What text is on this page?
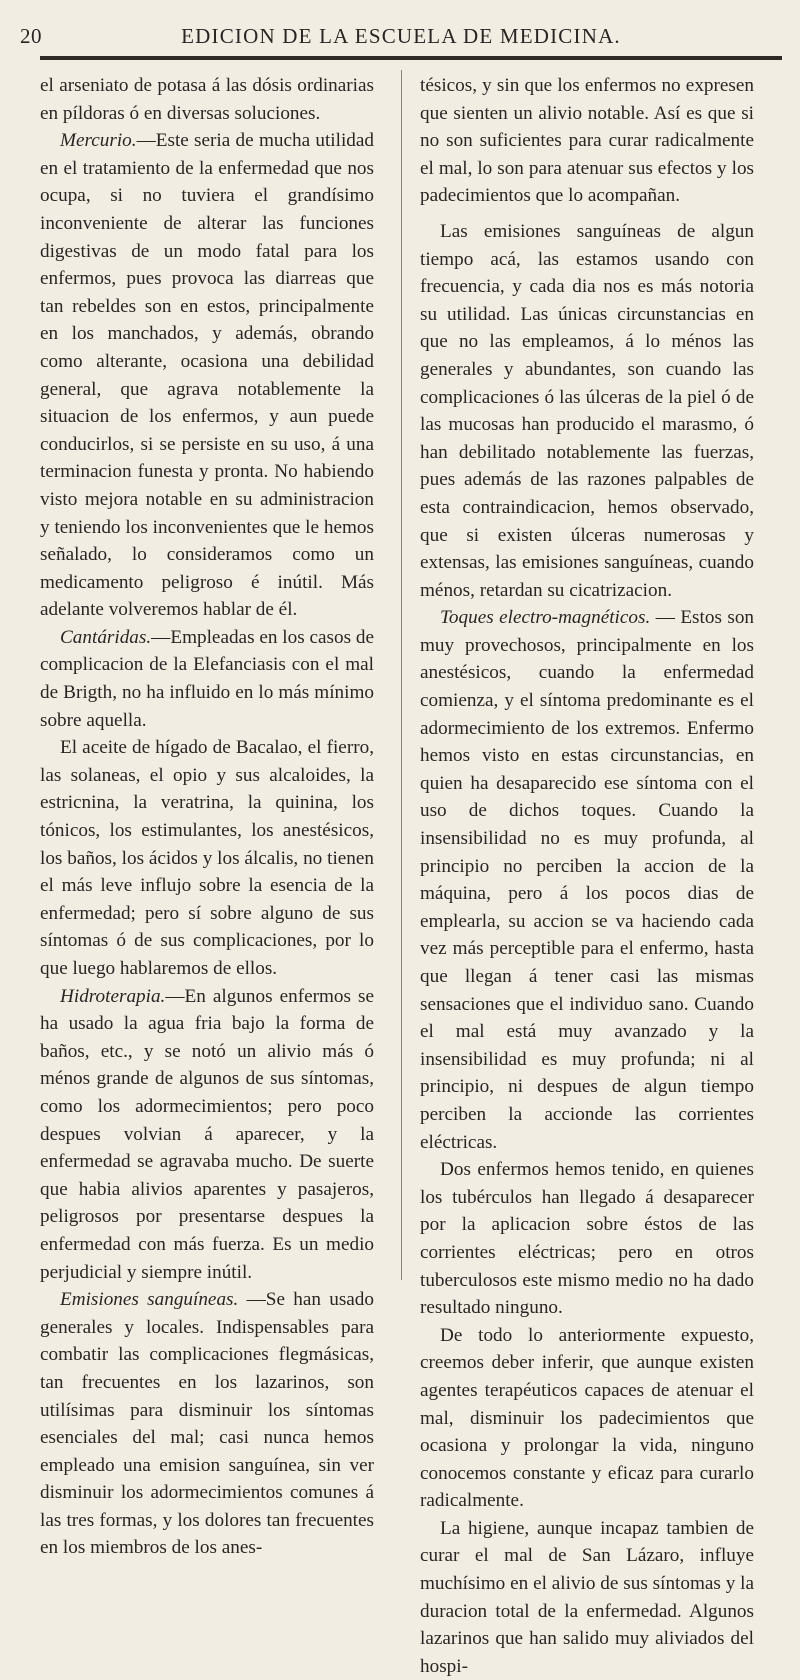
20	EDICION DE LA ESCUELA DE MEDICINA.

el arseniato de potasa á las dósis ordinarias en píldoras ó en diversas soluciones.

Mercurio.—Este seria de mucha utilidad en el tratamiento de la enfermedad que nos ocupa, si no tuviera el grandísimo inconveniente de alterar las funciones digestivas de un modo fatal para los enfermos, pues provoca las diarreas que tan rebeldes son en estos, principalmente en los manchados, y además, obrando como alterante, ocasiona una debilidad general, que agrava notablemente la situacion de los enfermos, y aun puede conducirlos, si se persiste en su uso, á una terminacion funesta y pronta. No habiendo visto mejora notable en su administracion y teniendo los inconvenientes que le hemos señalado, lo consideramos como un medicamento peligroso é inútil. Más adelante volveremos hablar de él.

Cantáridas.—Empleadas en los casos de complicacion de la Elefanciasis con el mal de Brigth, no ha influido en lo más mínimo sobre aquella.

El aceite de hígado de Bacalao, el fierro, las solaneas, el opio y sus alcaloides, la estricnina, la veratrina, la quinina, los tónicos, los estimulantes, los anestésicos, los baños, los ácidos y los álcalis, no tienen el más leve influjo sobre la esencia de la enfermedad; pero sí sobre alguno de sus síntomas ó de sus complicaciones, por lo que luego hablaremos de ellos.

Hidroterapia.—En algunos enfermos se ha usado la agua fria bajo la forma de baños, etc., y se notó un alivio más ó ménos grande de algunos de sus síntomas, como los adormecimientos; pero poco despues volvian á aparecer, y la enfermedad se agravaba mucho. De suerte que habia alivios aparentes y pasajeros, peligrosos por presentarse despues la enfermedad con más fuerza. Es un medio perjudicial y siempre inútil.

Emisiones sanguíneas. —Se han usado generales y locales. Indispensables para combatir las complicaciones flegmásicas, tan frecuentes en los lazarinos, son utilísimas para disminuir los síntomas esenciales del mal; casi nunca hemos empleado una emision sanguínea, sin ver disminuir los adormecimientos comunes á las tres formas, y los dolores tan frecuentes en los miembros de los anes-

tésicos, y sin que los enfermos no expresen que sienten un alivio notable. Así es que si no son suficientes para curar radicalmente el mal, lo son para atenuar sus efectos y los padecimientos que lo acompañan.

Las emisiones sanguíneas de algun tiempo acá, las estamos usando con frecuencia, y cada dia nos es más notoria su utilidad. Las únicas circunstancias en que no las empleamos, á lo ménos las generales y abundantes, son cuando las complicaciones ó las úlceras de la piel ó de las mucosas han producido el marasmo, ó han debilitado notablemente las fuerzas, pues además de las razones palpables de esta contraindicacion, hemos observado, que si existen úlceras numerosas y extensas, las emisiones sanguíneas, cuando ménos, retardan su cicatrizacion.

Toques electro-magnéticos. — Estos son muy provechosos, principalmente en los anestésicos, cuando la enfermedad comienza, y el síntoma predominante es el adormecimiento de los extremos. Enfermo hemos visto en estas circunstancias, en quien ha desaparecido ese síntoma con el uso de dichos toques. Cuando la insensibilidad no es muy profunda, al principio no perciben la accion de la máquina, pero á los pocos dias de emplearla, su accion se va haciendo cada vez más perceptible para el enfermo, hasta que llegan á tener casi las mismas sensaciones que el individuo sano. Cuando el mal está muy avanzado y la insensibilidad es muy profunda; ni al principio, ni despues de algun tiempo perciben la accionde las corrientes eléctricas.

Dos enfermos hemos tenido, en quienes los tubérculos han llegado á desaparecer por la aplicacion sobre éstos de las corrientes eléctricas; pero en otros tuberculosos este mismo medio no ha dado resultado ninguno.

De todo lo anteriormente expuesto, creemos deber inferir, que aunque existen agentes terapéuticos capaces de atenuar el mal, disminuir los padecimientos que ocasiona y prolongar la vida, ninguno conocemos constante y eficaz para curarlo radicalmente.

La higiene, aunque incapaz tambien de curar el mal de San Lázaro, influye muchísimo en el alivio de sus síntomas y la duracion total de la enfermedad. Algunos lazarinos que han salido muy aliviados del hospi-
